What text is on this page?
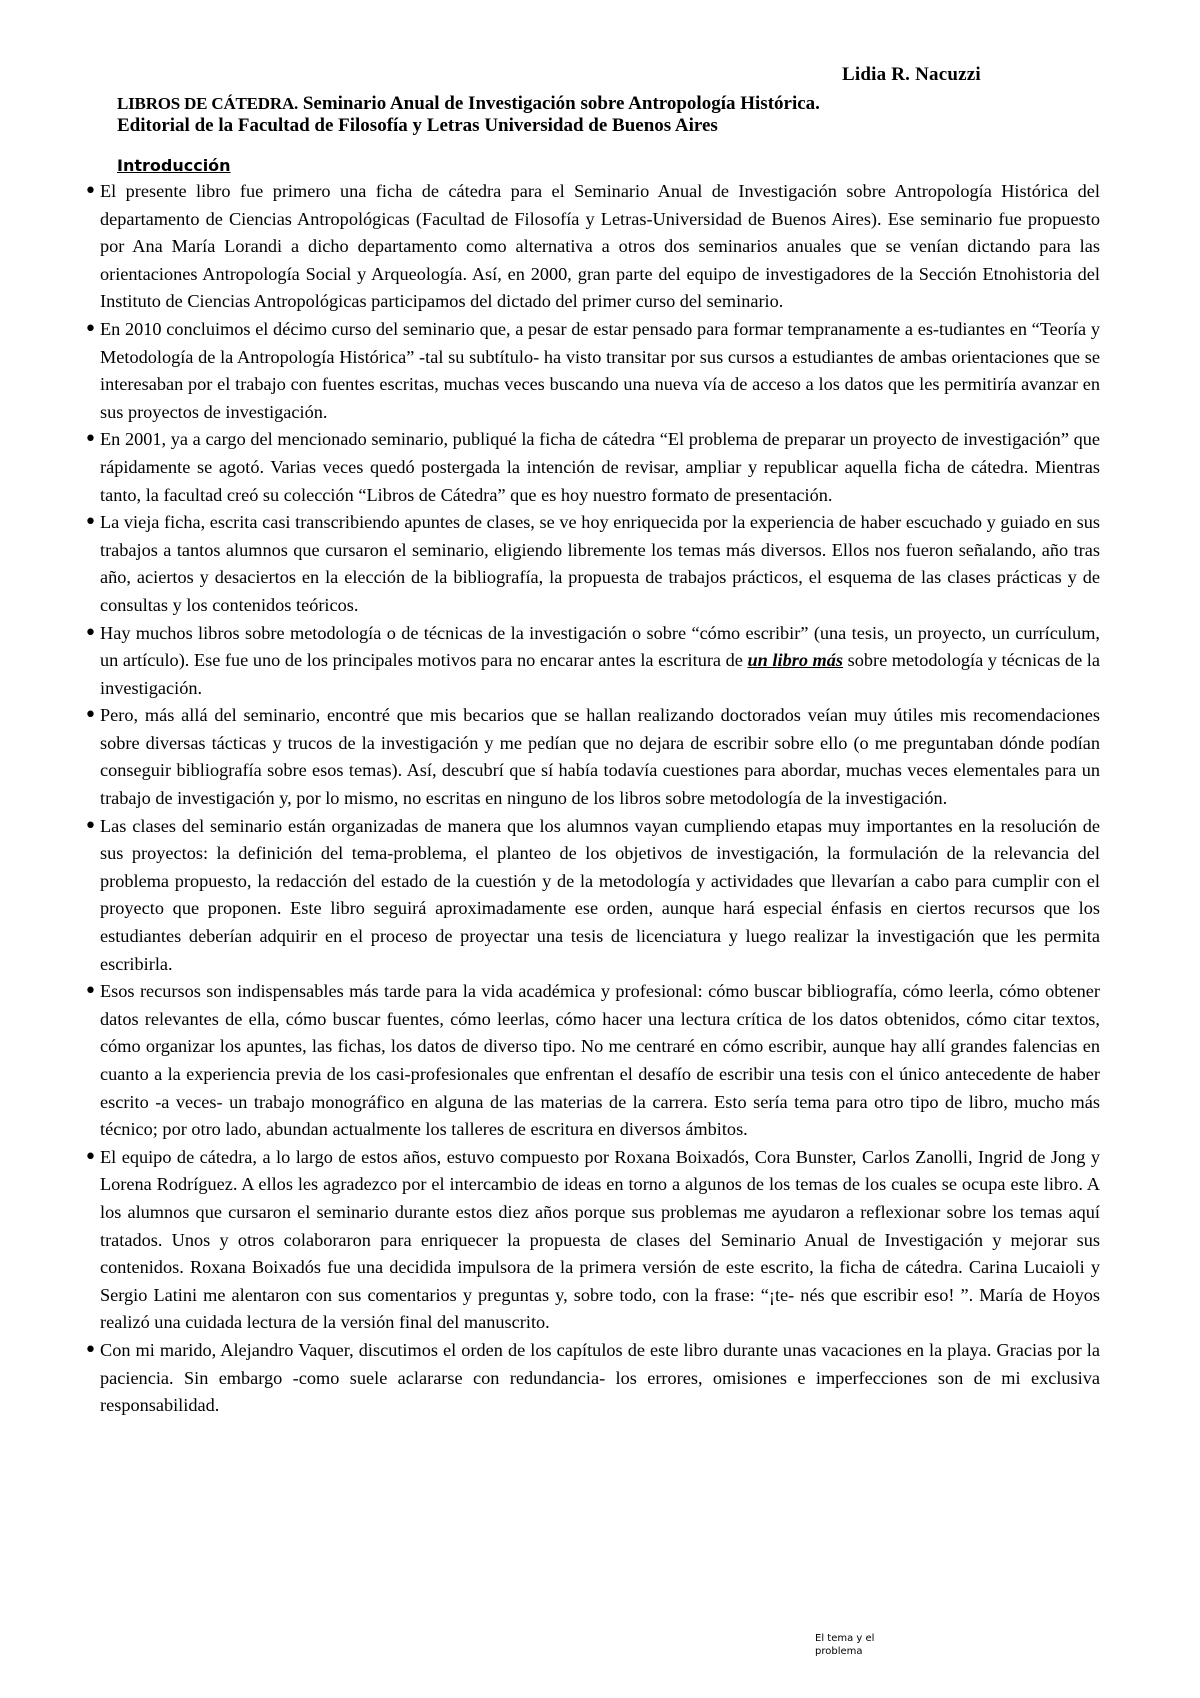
Lidia R. Nacuzzi
LIBROS DE CÁTEDRA. Seminario Anual de Investigación sobre Antropología Histórica.
Editorial de la Facultad de Filosofía y Letras Universidad de Buenos Aires
Introducción
• El presente libro fue primero una ficha de cátedra para el Seminario Anual de Investigación sobre Antropología Histórica del departamento de Ciencias Antropológicas (Facultad de Filosofía y Letras-Universidad de Buenos Aires). Ese seminario fue propuesto por Ana María Lorandi a dicho departamento como alternativa a otros dos seminarios anuales que se venían dictando para las orientaciones Antropología Social y Arqueología. Así, en 2000, gran parte del equipo de investigadores de la Sección Etnohistoria del Instituto de Ciencias Antropológicas participamos del dictado del primer curso del seminario.
• En 2010 concluimos el décimo curso del seminario que, a pesar de estar pensado para formar tempranamente a es-tudiantes en “Teoría y Metodología de la Antropología Histórica” -tal su subtítulo- ha visto transitar por sus cursos a estudiantes de ambas orientaciones que se interesaban por el trabajo con fuentes escritas, muchas veces buscando una nueva vía de acceso a los datos que les permitiría avanzar en sus proyectos de investigación.
• En 2001, ya a cargo del mencionado seminario, publiqué la ficha de cátedra “El problema de preparar un proyecto de investigación” que rápidamente se agotó. Varias veces quedó postergada la intención de revisar, ampliar y republicar aquella ficha de cátedra. Mientras tanto, la facultad creó su colección “Libros de Cátedra” que es hoy nuestro formato de presentación.
• La vieja ficha, escrita casi transcribiendo apuntes de clases, se ve hoy enriquecida por la experiencia de haber escuchado y guiado en sus trabajos a tantos alumnos que cursaron el seminario, eligiendo libremente los temas más diversos. Ellos nos fueron señalando, año tras año, aciertos y desaciertos en la elección de la bibliografía, la propuesta de trabajos prácticos, el esquema de las clases prácticas y de consultas y los contenidos teóricos.
• Hay muchos libros sobre metodología o de técnicas de la investigación o sobre “cómo escribir” (una tesis, un proyecto, un currículum, un artículo). Ese fue uno de los principales motivos para no encarar antes la escritura de un libro más sobre metodología y técnicas de la investigación.
• Pero, más allá del seminario, encontré que mis becarios que se hallan realizando doctorados veían muy útiles mis recomendaciones sobre diversas tácticas y trucos de la investigación y me pedían que no dejara de escribir sobre ello (o me preguntaban dónde podían conseguir bibliografía sobre esos temas). Así, descubrí que sí había todavía cuestiones para abordar, muchas veces elementales para un trabajo de investigación y, por lo mismo, no escritas en ninguno de los libros sobre metodología de la investigación.
• Las clases del seminario están organizadas de manera que los alumnos vayan cumpliendo etapas muy importantes en la resolución de sus proyectos: la definición del tema-problema, el planteo de los objetivos de investigación, la formulación de la relevancia del problema propuesto, la redacción del estado de la cuestión y de la metodología y actividades que llevarían a cabo para cumplir con el proyecto que proponen. Este libro seguirá aproximadamente ese orden, aunque hará especial énfasis en ciertos recursos que los estudiantes deberían adquirir en el proceso de proyectar una tesis de licenciatura y luego realizar la investigación que les permita escribirla.
• Esos recursos son indispensables más tarde para la vida académica y profesional: cómo buscar bibliografía, cómo leerla, cómo obtener datos relevantes de ella, cómo buscar fuentes, cómo leerlas, cómo hacer una lectura crítica de los datos obtenidos, cómo citar textos, cómo organizar los apuntes, las fichas, los datos de diverso tipo. No me centraré en cómo escribir, aunque hay allí grandes falencias en cuanto a la experiencia previa de los casi-profesionales que enfrentan el desafío de escribir una tesis con el único antecedente de haber escrito -a veces- un trabajo monográfico en alguna de las materias de la carrera. Esto sería tema para otro tipo de libro, mucho más técnico; por otro lado, abundan actualmente los talleres de escritura en diversos ámbitos.
• El equipo de cátedra, a lo largo de estos años, estuvo compuesto por Roxana Boixadós, Cora Bunster, Carlos Zanolli, Ingrid de Jong y Lorena Rodríguez. A ellos les agradezco por el intercambio de ideas en torno a algunos de los temas de los cuales se ocupa este libro. A los alumnos que cursaron el seminario durante estos diez años porque sus problemas me ayudaron a reflexionar sobre los temas aquí tratados. Unos y otros colaboraron para enriquecer la propuesta de clases del Seminario Anual de Investigación y mejorar sus contenidos. Roxana Boixadós fue una decidida impulsora de la primera versión de este escrito, la ficha de cátedra. Carina Lucaioli y Sergio Latini me alentaron con sus comentarios y preguntas y, sobre todo, con la frase: “¡te- nés que escribir eso! ”. María de Hoyos realizó una cuidada lectura de la versión final del manuscrito.
• Con mi marido, Alejandro Vaquer, discutimos el orden de los capítulos de este libro durante unas vacaciones en la playa. Gracias por la paciencia. Sin embargo -como suele aclararse con redundancia- los errores, omisiones e imperfecciones son de mi exclusiva responsabilidad.
El tema y el problema
